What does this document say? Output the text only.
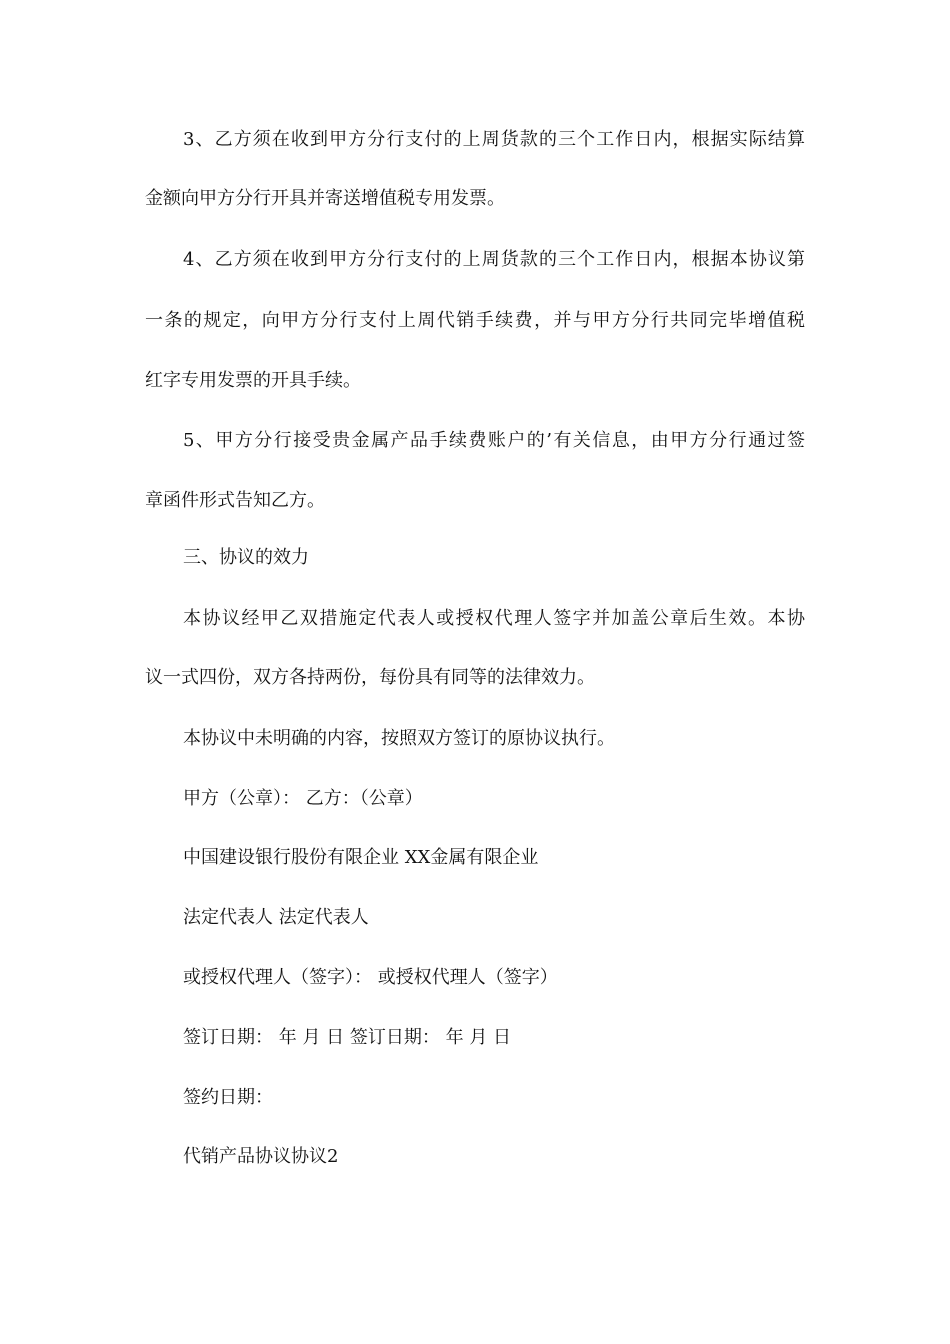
3、乙方须在收到甲方分行支付的上周货款的三个工作日内，根据实际结算
金额向甲方分行开具并寄送增值税专用发票。
4、乙方须在收到甲方分行支付的上周货款的三个工作日内，根据本协议第
一条的规定，向甲方分行支付上周代销手续费，并与甲方分行共同完毕增值税
红字专用发票的开具手续。
5、甲方分行接受贵金属产品手续费账户的’有关信息，由甲方分行通过签
章函件形式告知乙方。
三、协议的效力
本协议经甲乙双措施定代表人或授权代理人签字并加盖公章后生效。本协
议一式四份，双方各持两份，每份具有同等的法律效力。
本协议中未明确的内容，按照双方签订的原协议执行。
甲方（公章）： 乙方：（公章）
中国建设银行股份有限企业 XX金属有限企业
法定代表人 法定代表人
或授权代理人（签字）： 或授权代理人（签字）
签订日期： 年 月 日 签订日期： 年 月 日
签约日期：
代销产品协议协议2
